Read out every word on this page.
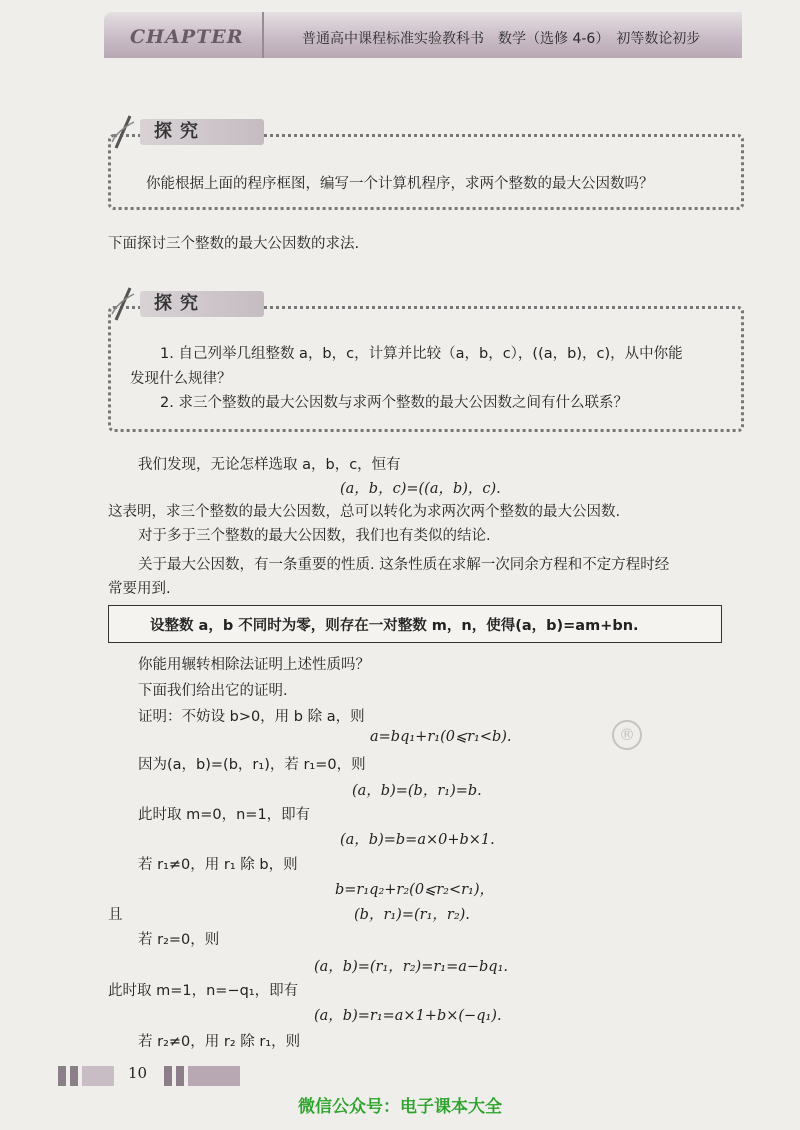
CHAPTER	普通高中课程标准实验教科书　数学（选修 4-6）　初等数论初步
探究
你能根据上面的程序框图，编写一个计算机程序，求两个整数的最大公因数吗？
下面探讨三个整数的最大公因数的求法.
探究
1. 自己列举几组整数 a，b，c，计算并比较（a，b，c），((a，b)，c)，从中你能
发现什么规律？
2. 求三个整数的最大公因数与求两个整数的最大公因数之间有什么联系？
我们发现，无论怎样选取 a，b，c，恒有
(a，b，c)=((a，b)，c).
这表明，求三个整数的最大公因数，总可以转化为求两次两个整数的最大公因数.
对于多于三个整数的最大公因数，我们也有类似的结论.
关于最大公因数，有一条重要的性质. 这条性质在求解一次同余方程和不定方程时经
常要用到.
设整数 a，b 不同时为零，则存在一对整数 m，n，使得(a，b)=am+bn.
你能用辗转相除法证明上述性质吗？
下面我们给出它的证明.
证明：不妨设 b>0，用 b 除 a，则
a=bq₁+r₁(0⩽r₁<b).
因为(a，b)=(b，r₁)，若 r₁=0，则
(a，b)=(b，r₁)=b.
此时取 m=0，n=1，即有
(a，b)=b=a×0+b×1.
若 r₁≠0，用 r₁ 除 b，则
b=r₁q₂+r₂(0⩽r₂<r₁)，
且	(b，r₁)=(r₁，r₂).
若 r₂=0，则
(a，b)=(r₁，r₂)=r₁=a−bq₁.
此时取 m=1，n=−q₁，即有
(a，b)=r₁=a×1+b×(−q₁).
若 r₂≠0，用 r₂ 除 r₁，则
®
10
微信公众号：电子课本大全
